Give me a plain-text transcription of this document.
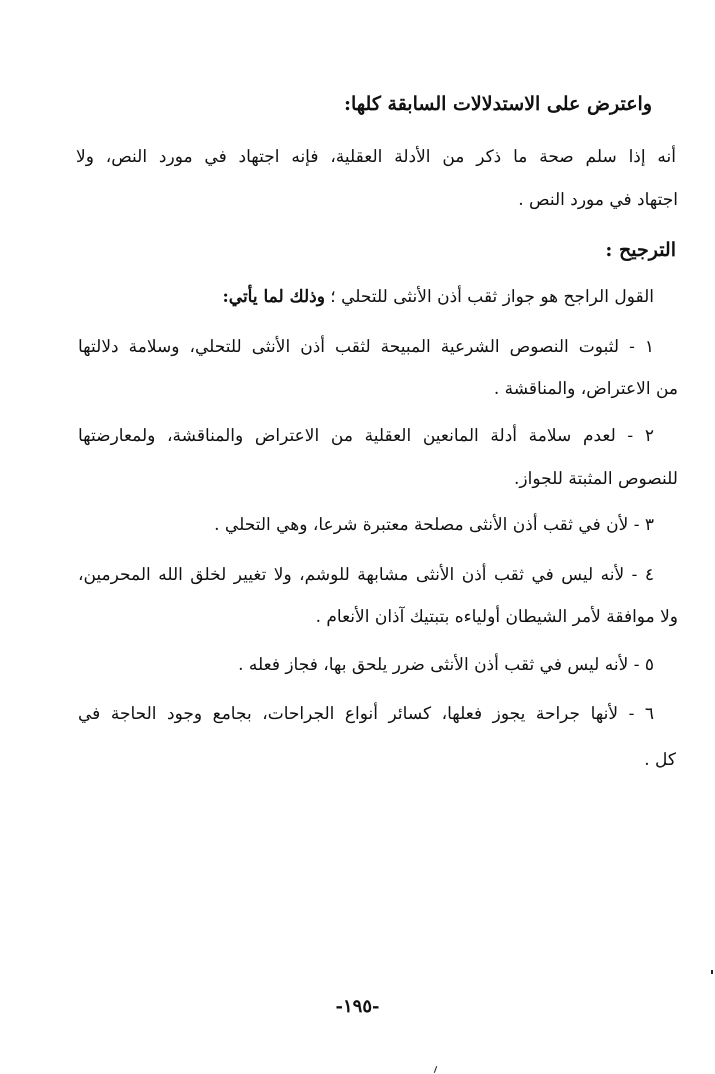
واعترض على الاستدلالات السابقة كلها:
أنه إذا سلم صحة ما ذكر من الأدلة العقلية، فإنه اجتهاد في مورد النص، ولا
اجتهاد في مورد النص .
الترجيح :
القول الراجح هو جواز ثقب أذن الأنثى للتحلي ؛ وذلك لما يأتي:
١ - لثبوت النصوص الشرعية المبيحة لثقب أذن الأنثى للتحلي، وسلامة دلالتها
من الاعتراض، والمناقشة .
٢ - لعدم سلامة أدلة المانعين العقلية من الاعتراض والمناقشة، ولمعارضتها
للنصوص المثبتة للجواز.
٣ - لأن في ثقب أذن الأنثى مصلحة معتبرة شرعا، وهي التحلي .
٤ - لأنه ليس في ثقب أذن الأنثى مشابهة للوشم، ولا تغيير لخلق الله المحرمين،
ولا موافقة لأمر الشيطان أولياءه بتبتيك آذان الأنعام .
٥ - لأنه ليس في ثقب أذن الأنثى ضرر يلحق بها، فجاز فعله .
٦ - لأنها جراحة يجوز فعلها، كسائر أنواع الجراحات، بجامع وجود الحاجة في
كل .
-١٩٥-
